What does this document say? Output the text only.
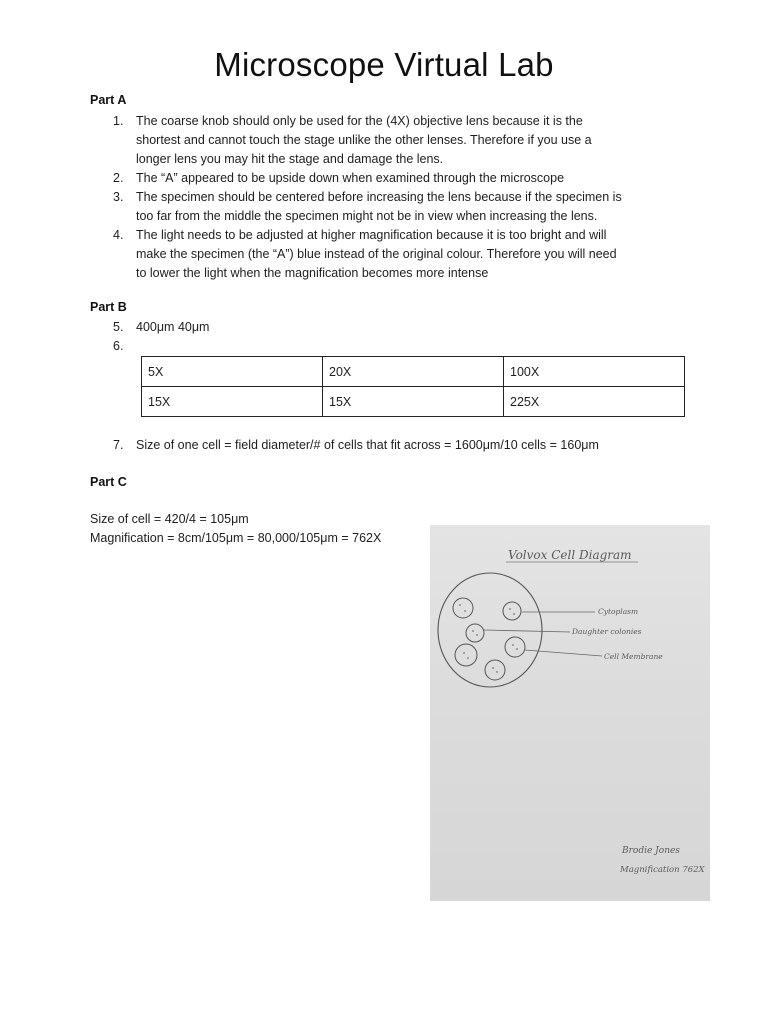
Microscope Virtual Lab
Part A
1. The coarse knob should only be used for the (4X) objective lens because it is the
shortest and cannot touch the stage unlike the other lenses. Therefore if you use a
longer lens you may hit the stage and damage the lens.
2. The “A” appeared to be upside down when examined through the microscope
3. The specimen should be centered before increasing the lens because if the specimen is
too far from the middle the specimen might not be in view when increasing the lens.
4. The light needs to be adjusted at higher magnification because it is too bright and will
make the specimen (the “A”) blue instead of the original colour. Therefore you will need
to lower the light when the magnification becomes more intense
Part B
5. 400μm 40μm
6.

5X	20X	100X
15X	15X	225X
7. Size of one cell = field diameter/# of cells that fit across = 1600μm/10 cells = 160μm
Part C
Size of cell = 420/4 = 105μm
Magnification = 8cm/105μm = 80,000/105μm = 762X
Volvox Cell Diagram
Cytoplasm
Daughter colonies
Cell Membrane
Brodie Jones
Magnification 762X
